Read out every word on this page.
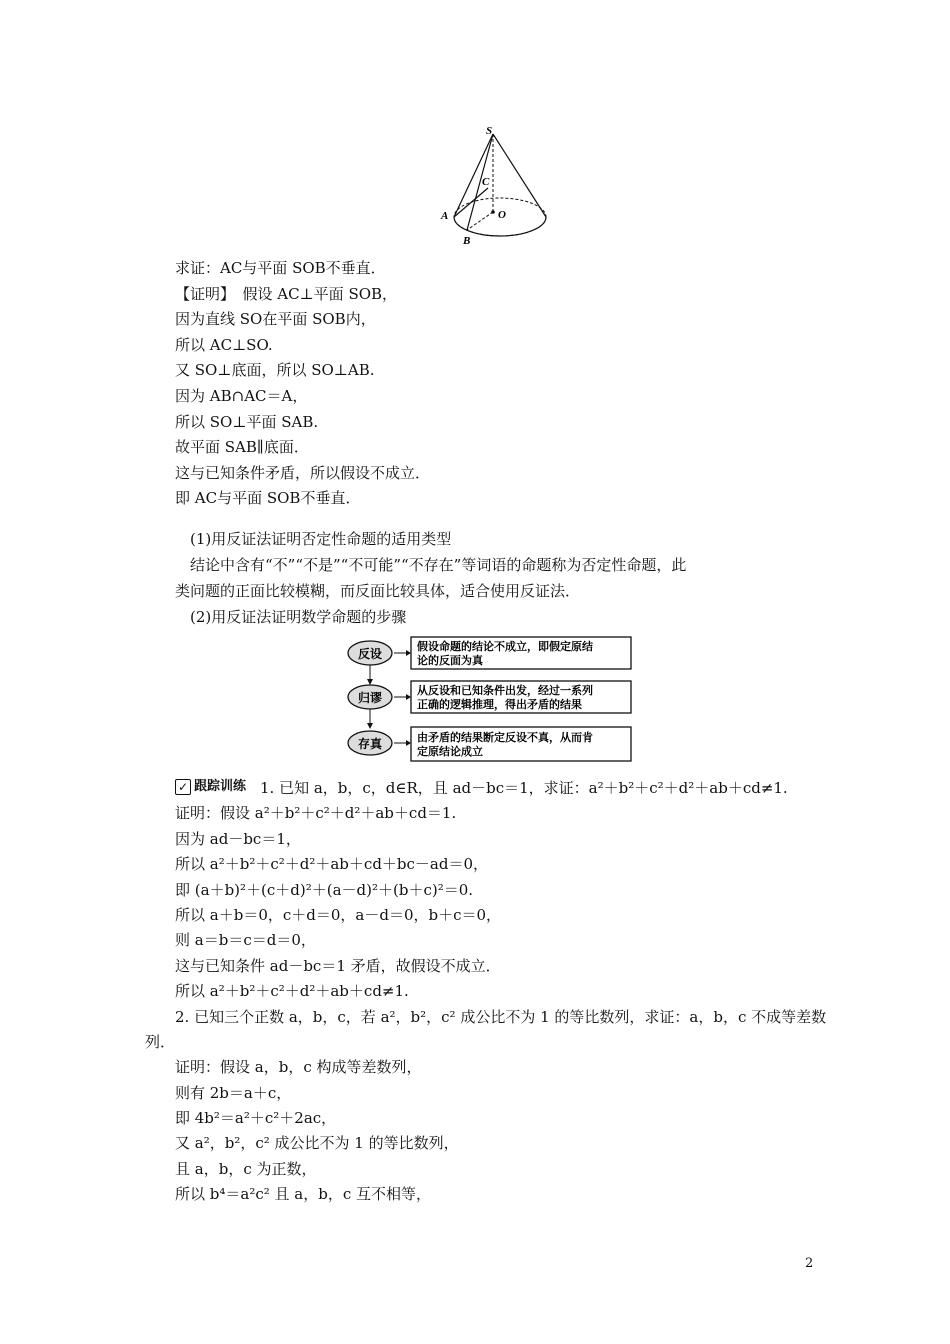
S
C
A	O
B
求证：AC与平面 SOB不垂直．
【证明】　假设 AC⊥平面 SOB，
因为直线 SO在平面 SOB内，
所以 AC⊥SO.
又 SO⊥底面，所以 SO⊥AB.
因为 AB∩AC＝A，
所以 SO⊥平面 SAB.
故平面 SAB∥底面．
这与已知条件矛盾，所以假设不成立．
即 AC与平面 SOB不垂直．
(1)用反证法证明否定性命题的适用类型
结论中含有“不”“不是”“不可能”“不存在”等词语的命题称为否定性命题，此
类问题的正面比较模糊，而反面比较具体，适合使用反证法．
(2)用反证法证明数学命题的步骤
反设
假设命题的结论不成立，即假定原结
论的反面为真
归谬
从反设和已知条件出发，经过一系列
正确的逻辑推理，得出矛盾的结果
存真	由矛盾的结果断定反设不真，从而肯
定原结论成立
✓ 跟踪训练 1. 已知 a，b，c，d∈R，且 ad－bc＝1，求证：a²＋b²＋c²＋d²＋ab＋cd≠1.
证明：假设 a²＋b²＋c²＋d²＋ab＋cd＝1.
因为 ad－bc＝1，
所以 a²＋b²＋c²＋d²＋ab＋cd＋bc－ad＝0，
即 (a＋b)²＋(c＋d)²＋(a－d)²＋(b＋c)²＝0.
所以 a＋b＝0，c＋d＝0，a－d＝0，b＋c＝0，
则 a＝b＝c＝d＝0，
这与已知条件 ad－bc＝1 矛盾，故假设不成立．
所以 a²＋b²＋c²＋d²＋ab＋cd≠1.
2. 已知三个正数 a，b，c，若 a²，b²，c² 成公比不为 1 的等比数列，求证：a，b，c 不成等差数
列．
证明：假设 a，b，c 构成等差数列，
则有 2b＝a＋c，
即 4b²＝a²＋c²＋2ac，
又 a²，b²，c² 成公比不为 1 的等比数列，
且 a，b，c 为正数，
所以 b⁴＝a²c² 且 a，b，c 互不相等，
2
